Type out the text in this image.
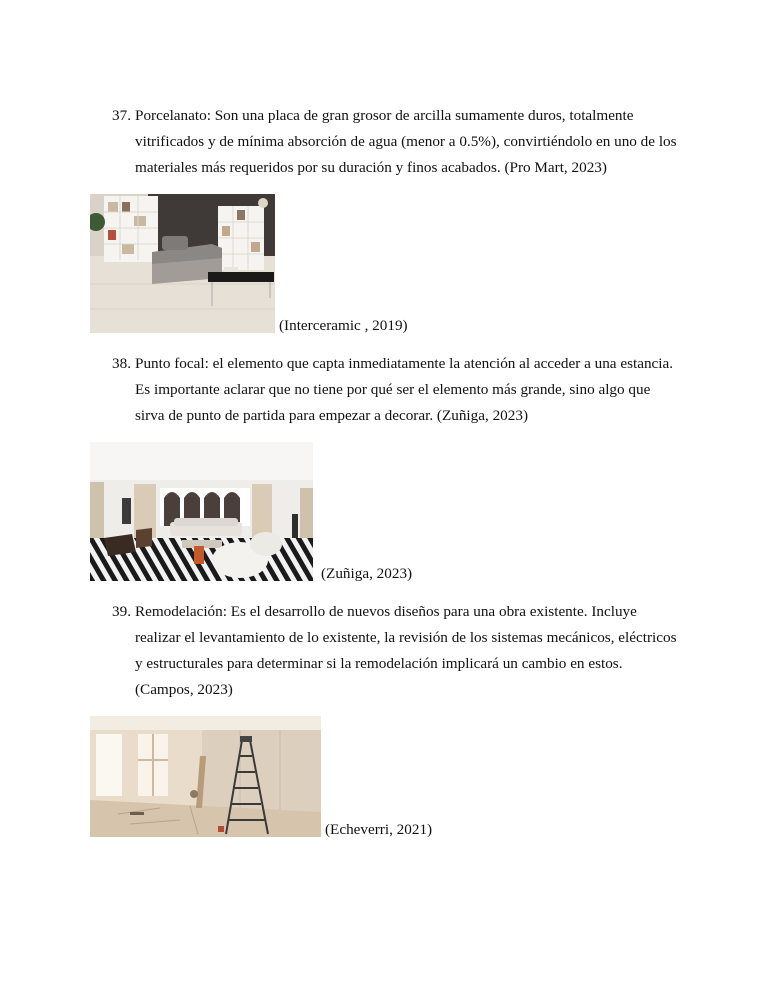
37. Porcelanato: Son una placa de gran grosor de arcilla sumamente duros, totalmente vitrificados y de mínima absorción de agua (menor a 0.5%), convirtiéndolo en uno de los materiales más requeridos por su duración y finos acabados. (Pro Mart, 2023)
(Interceramic , 2019)
38. Punto focal: el elemento que capta inmediatamente la atención al acceder a una estancia. Es importante aclarar que no tiene por qué ser el elemento más grande, sino algo que sirva de punto de partida para empezar a decorar. (Zuñiga, 2023)
(Zuñiga, 2023)
39. Remodelación: Es el desarrollo de nuevos diseños para una obra existente. Incluye realizar el levantamiento de lo existente, la revisión de los sistemas mecánicos, eléctricos y estructurales para determinar si la remodelación implicará un cambio en estos. (Campos, 2023)
(Echeverri, 2021)
